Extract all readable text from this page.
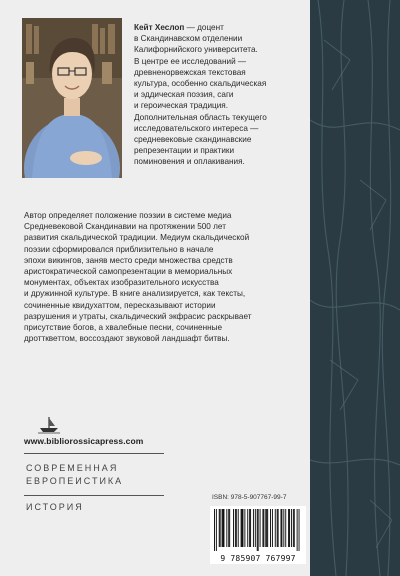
Кейт Хеслоп — доцент
в Скандинавском отделении
Калифорнийского университета.
В центре ее исследований —
древненорвежская текстовая
культура, особенно скальдическая
и эддическая поэзия, саги
и героическая традиция.
Дополнительная область текущего
исследовательского интереса —
средневековые скандинавские
репрезентации и практики
поминовения и оплакивания.
Автор определяет положение поэзии в системе медиа
Средневековой Скандинавии на протяжении 500 лет
развития скальдической традиции. Медиум скальдической
поэзии сформировался приблизительно в начале
эпохи викингов, заняв место среди множества средств
аристократической самопрезентации в мемориальных
монументах, объектах изобразительного искусства
и дружинной культуре. В книге анализируется, как тексты,
сочиненные квидухаттом, пересказывают истории
разрушения и утраты, скальдический экфрасис раскрывает
присутствие богов, а хвалебные песни, сочиненные
дротткветтом, воссоздают звуковой ландшафт битвы.
www.bibliorossicapress.com
СОВРЕМЕННАЯ
ЕВРОПЕИСТИКА
ИСТОРИЯ
ISBN: 978-5-907767-99-7
9 785907 767997
